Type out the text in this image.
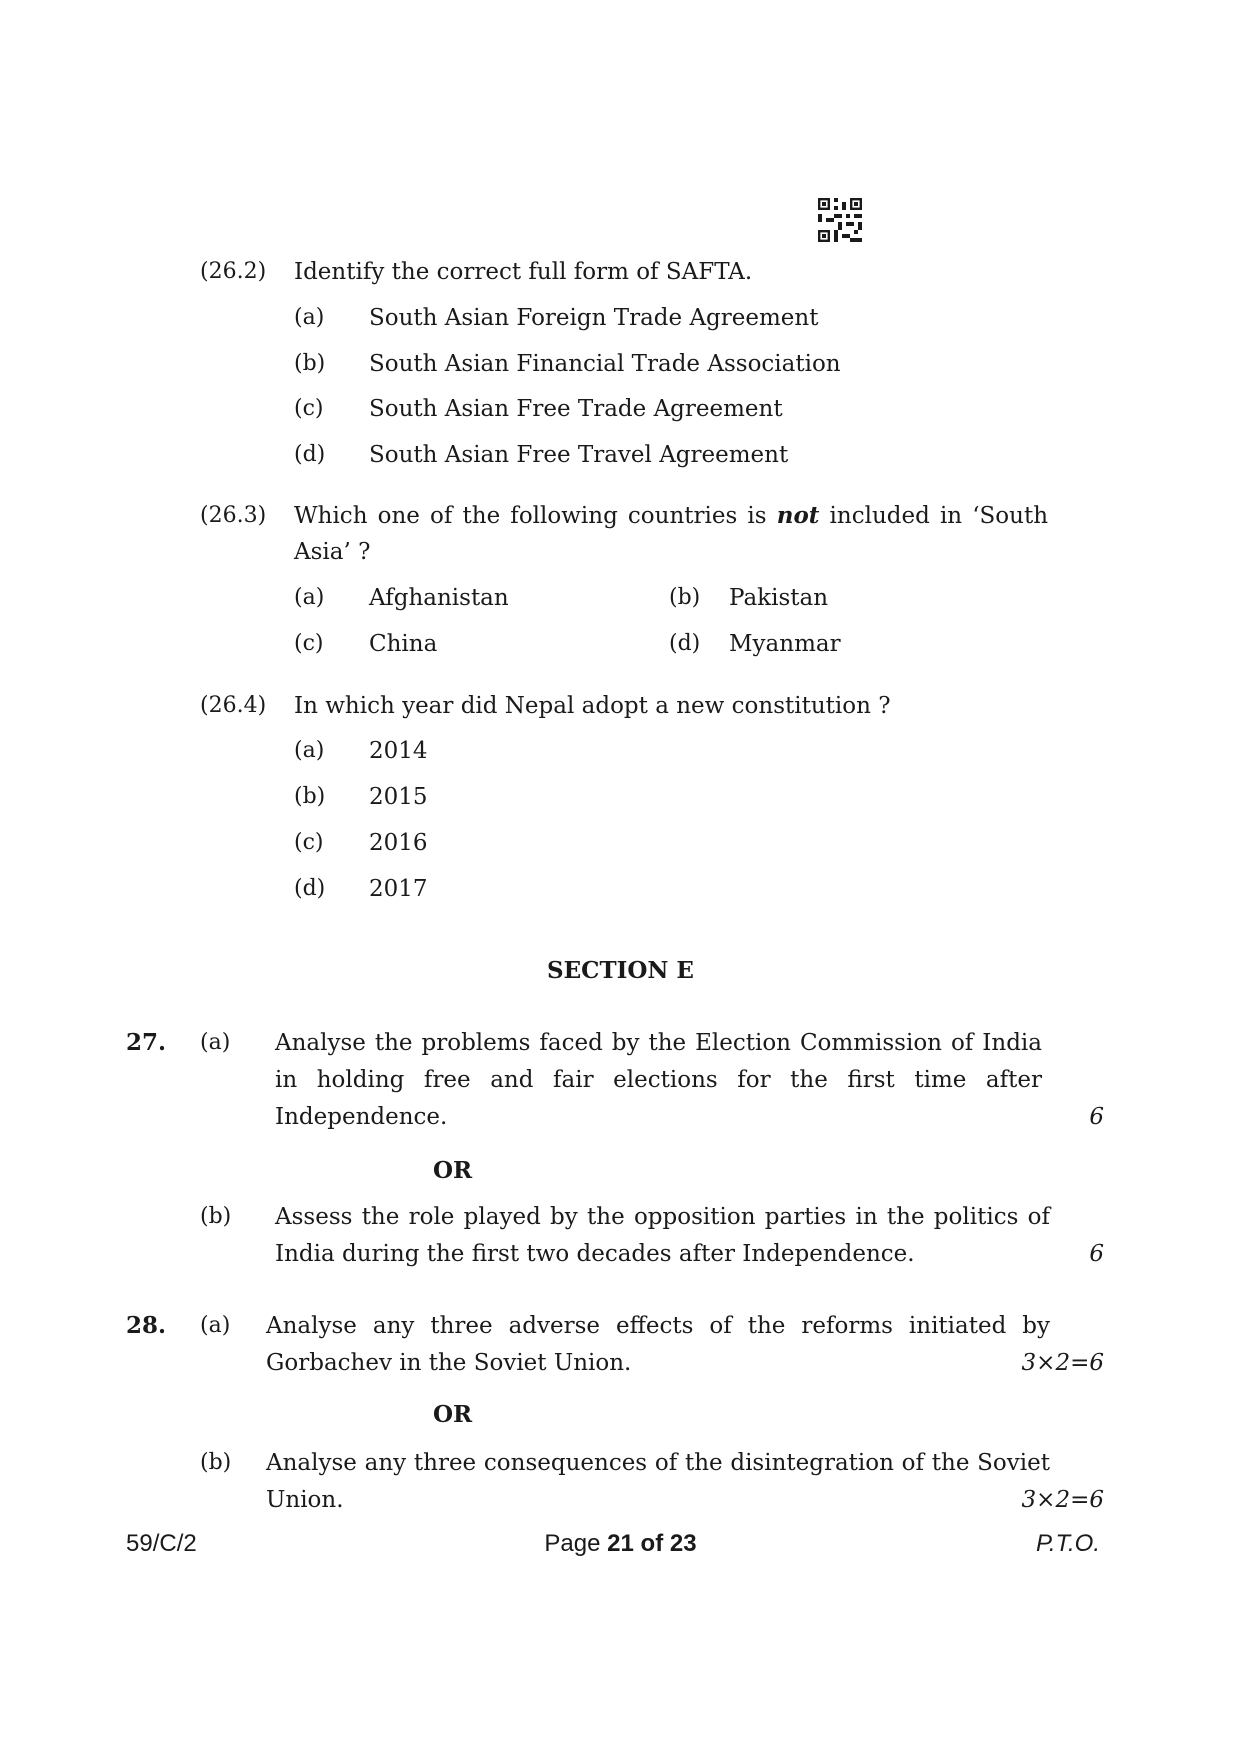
(26.2) Identify the correct full form of SAFTA.
(a) South Asian Foreign Trade Agreement
(b) South Asian Financial Trade Association
(c) South Asian Free Trade Agreement
(d) South Asian Free Travel Agreement
(26.3) Which one of the following countries is not included in ‘South
Asia’ ?
(a) Afghanistan	(b) Pakistan
(c) China	(d) Myanmar
(26.4) In which year did Nepal adopt a new constitution ?
(a) 2014
(b) 2015
(c) 2016
(d) 2017
SECTION E
27. (a) Analyse the problems faced by the Election Commission of India
in holding free and fair elections for the first time after
Independence.	6
OR
(b) Assess the role played by the opposition parties in the politics of
India during the first two decades after Independence.	6
28. (a) Analyse any three adverse effects of the reforms initiated by
Gorbachev in the Soviet Union.	3×2=6
OR
(b) Analyse any three consequences of the disintegration of the Soviet
Union.	3×2=6
59/C/2	Page 21 of 23	P.T.O.
